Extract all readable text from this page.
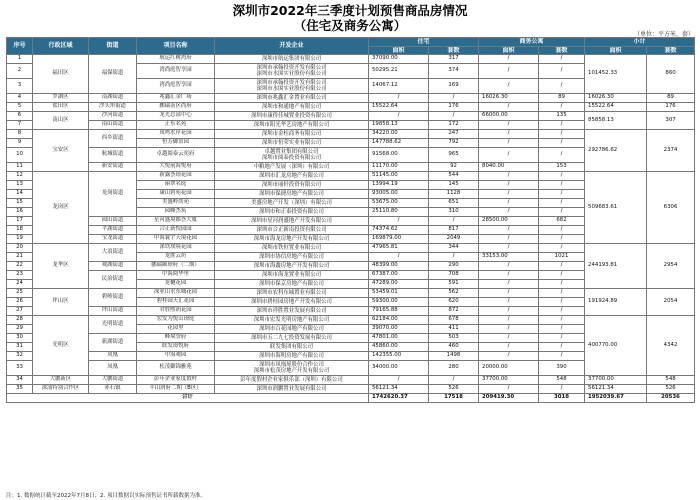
深圳市2022年三季度计划预售商品房情况
（住宅及商务公寓）
（单位：平方米，套）
序号	行政区域	街道	项目名称	开发企业	住宅		商务公寓		小计	
					面积	套数	面积	套数	面积	套数
1	福田区	福保街道	航运红树湾府	深圳市航运集团有限公司	37090.00	317	/	/	101452.33	860
2			湾尚庭智享园	深圳市承翰投资开发有限公司
深圳市水围实业股份有限公司	50295.21	374	/	/		
3			湾尚庭智享园	深圳市承翰投资开发有限公司
深圳市水围实业股份有限公司	14067.12	169	/	/		
4	罗湖区	南湖街道	兆鑫汇金广场	深圳市兆鑫汇金置业有限公司	/	/	16026.30	89	16026.30	89
5	盐田区	沙头角街道	鹏瑞南区尚府	深圳市和通地产有限公司	15522.64	176	/	/	15522.64	176
6	南山区	沙河街道	龙光总部中心	深圳市康侨佳城置业投资有限公司	/	/	66000.00	135	85858.13	307
7		南山街道	正东名苑	深圳市阳光华艺房地产有限公司	19858.13	172	/	/		
8	宝安区	西乡街道	凤鸣水岸花园	深圳市金柱商务有限公司	34220.00	247	/	/	292786.62	2374
9			恒芳御景园	深圳市恒荣实业有限公司	147788.62	792	/	/		
10		航城街道	卓越阅泰云奕府	卓越置业集团有限公司
深圳市阅泰投资有限公司	91568.00	965	/	/		
11		新安街道	大悦前海悦府	中粮地产发展（深圳）有限公司	11170.00	92	8040.00	153		
12	龙岗区	龙岗街道	新露荟璟花园	深圳市汇龙房地产有限公司	51145.00	544	/	/	509683.61	6306
13			丽翠名庭	深圳市丽轩投资有限公司	13994.19	145	/	/		
14			康山碧苑花园	深圳市保捷房地产有限公司	93005.00	1128	/	/		
15			美盛岭尚苑	美盛房地产开发（深圳）有限公司	53675.00	651	/	/		
16			园峰杰筑	深圳市和正泰投资有限公司	25110.80	310	/	/		
17		园山街道	星河盛境都荟大厦	深圳市星河润盛地产开发有限公司	/	/	28500.00	682		
18		平湖街道	合正新悦园园	深圳市合正新南投资有限公司	74374.62	817	/	/		
19		宝龙街道	中海寰宇天境花园	深圳市海龙房地产开发有限公司	169879.00	2049	/	/		
20	龙华区	大浪街道	深铁璞境花园	深圳市铁恒置业有限公司	47965.81	344	/	/	244193.81	2954
21			龙胜云坊	深圳市协信房地产有限公司	/	/	33153.00	1021		
22		观湖街道	鹏瑞颐璟府（二期）	深圳市海鑫房地产开发有限公司	48399.00	290	/	/		
23		民治街道	中海阅华里	深圳市海龙置业有限公司	67387.00	708	/	/		
24			龙樾花园	深圳市保京房地产有限公司	47289.00	591	/	/		
25	坪山区	碧岭街道	深业山水东城花园	深圳市农科东城置业有限公司	53459.01	562	/	/	191924.89	2054
26			碧桂园天汇花园	深圳市碧桂园房地产开发有限公司	59300.00	620	/	/		
27		坪山街道	君胜熙润花园	深圳市祥胜置业发展有限公司	79165.88	872	/	/		
28	光明区	光明街道	宏发为悦山璟庭	深圳市宏发光明房地产有限公司	62184.00	678	/	/	400770.00	4342
29			花园里	深圳市百花园地产有限公司	39070.00	411	/	/		
30		新湖街道	峰境誉府	深圳市五二九七投资发展有限公司	47801.00	503	/	/		
31			联发璟悦府	联发集团有限公司	45860.00	460	/	/		
32		凤凰	中海观园	深圳市海明房地产有限公司	142355.00	1498	/	/		
33		凤凰	松茂御锦雅苑	深圳市凤凰尾股份合作公司
深圳市松茂房地产开发有限公司	34000.00	280	20000.00	390		
34	大鹏新区	大鹏街道	彭年企业家度假村	彭年度假村企业家俱乐部（深圳）有限公司	/	/	37700.00	548	37700.00	548
35	深汕特别合作区	赤石镇	半山润府二期（B区）	深圳市润鹏置业发展有限公司	56121.34	526	/	/	56121.34	526
合计					1742620.37	17518	209419.30	3018	1952039.67	20536
注：1. 数据统计截至2022年7月8日；2. 项目数据以实际预售证书所载数据为准。
